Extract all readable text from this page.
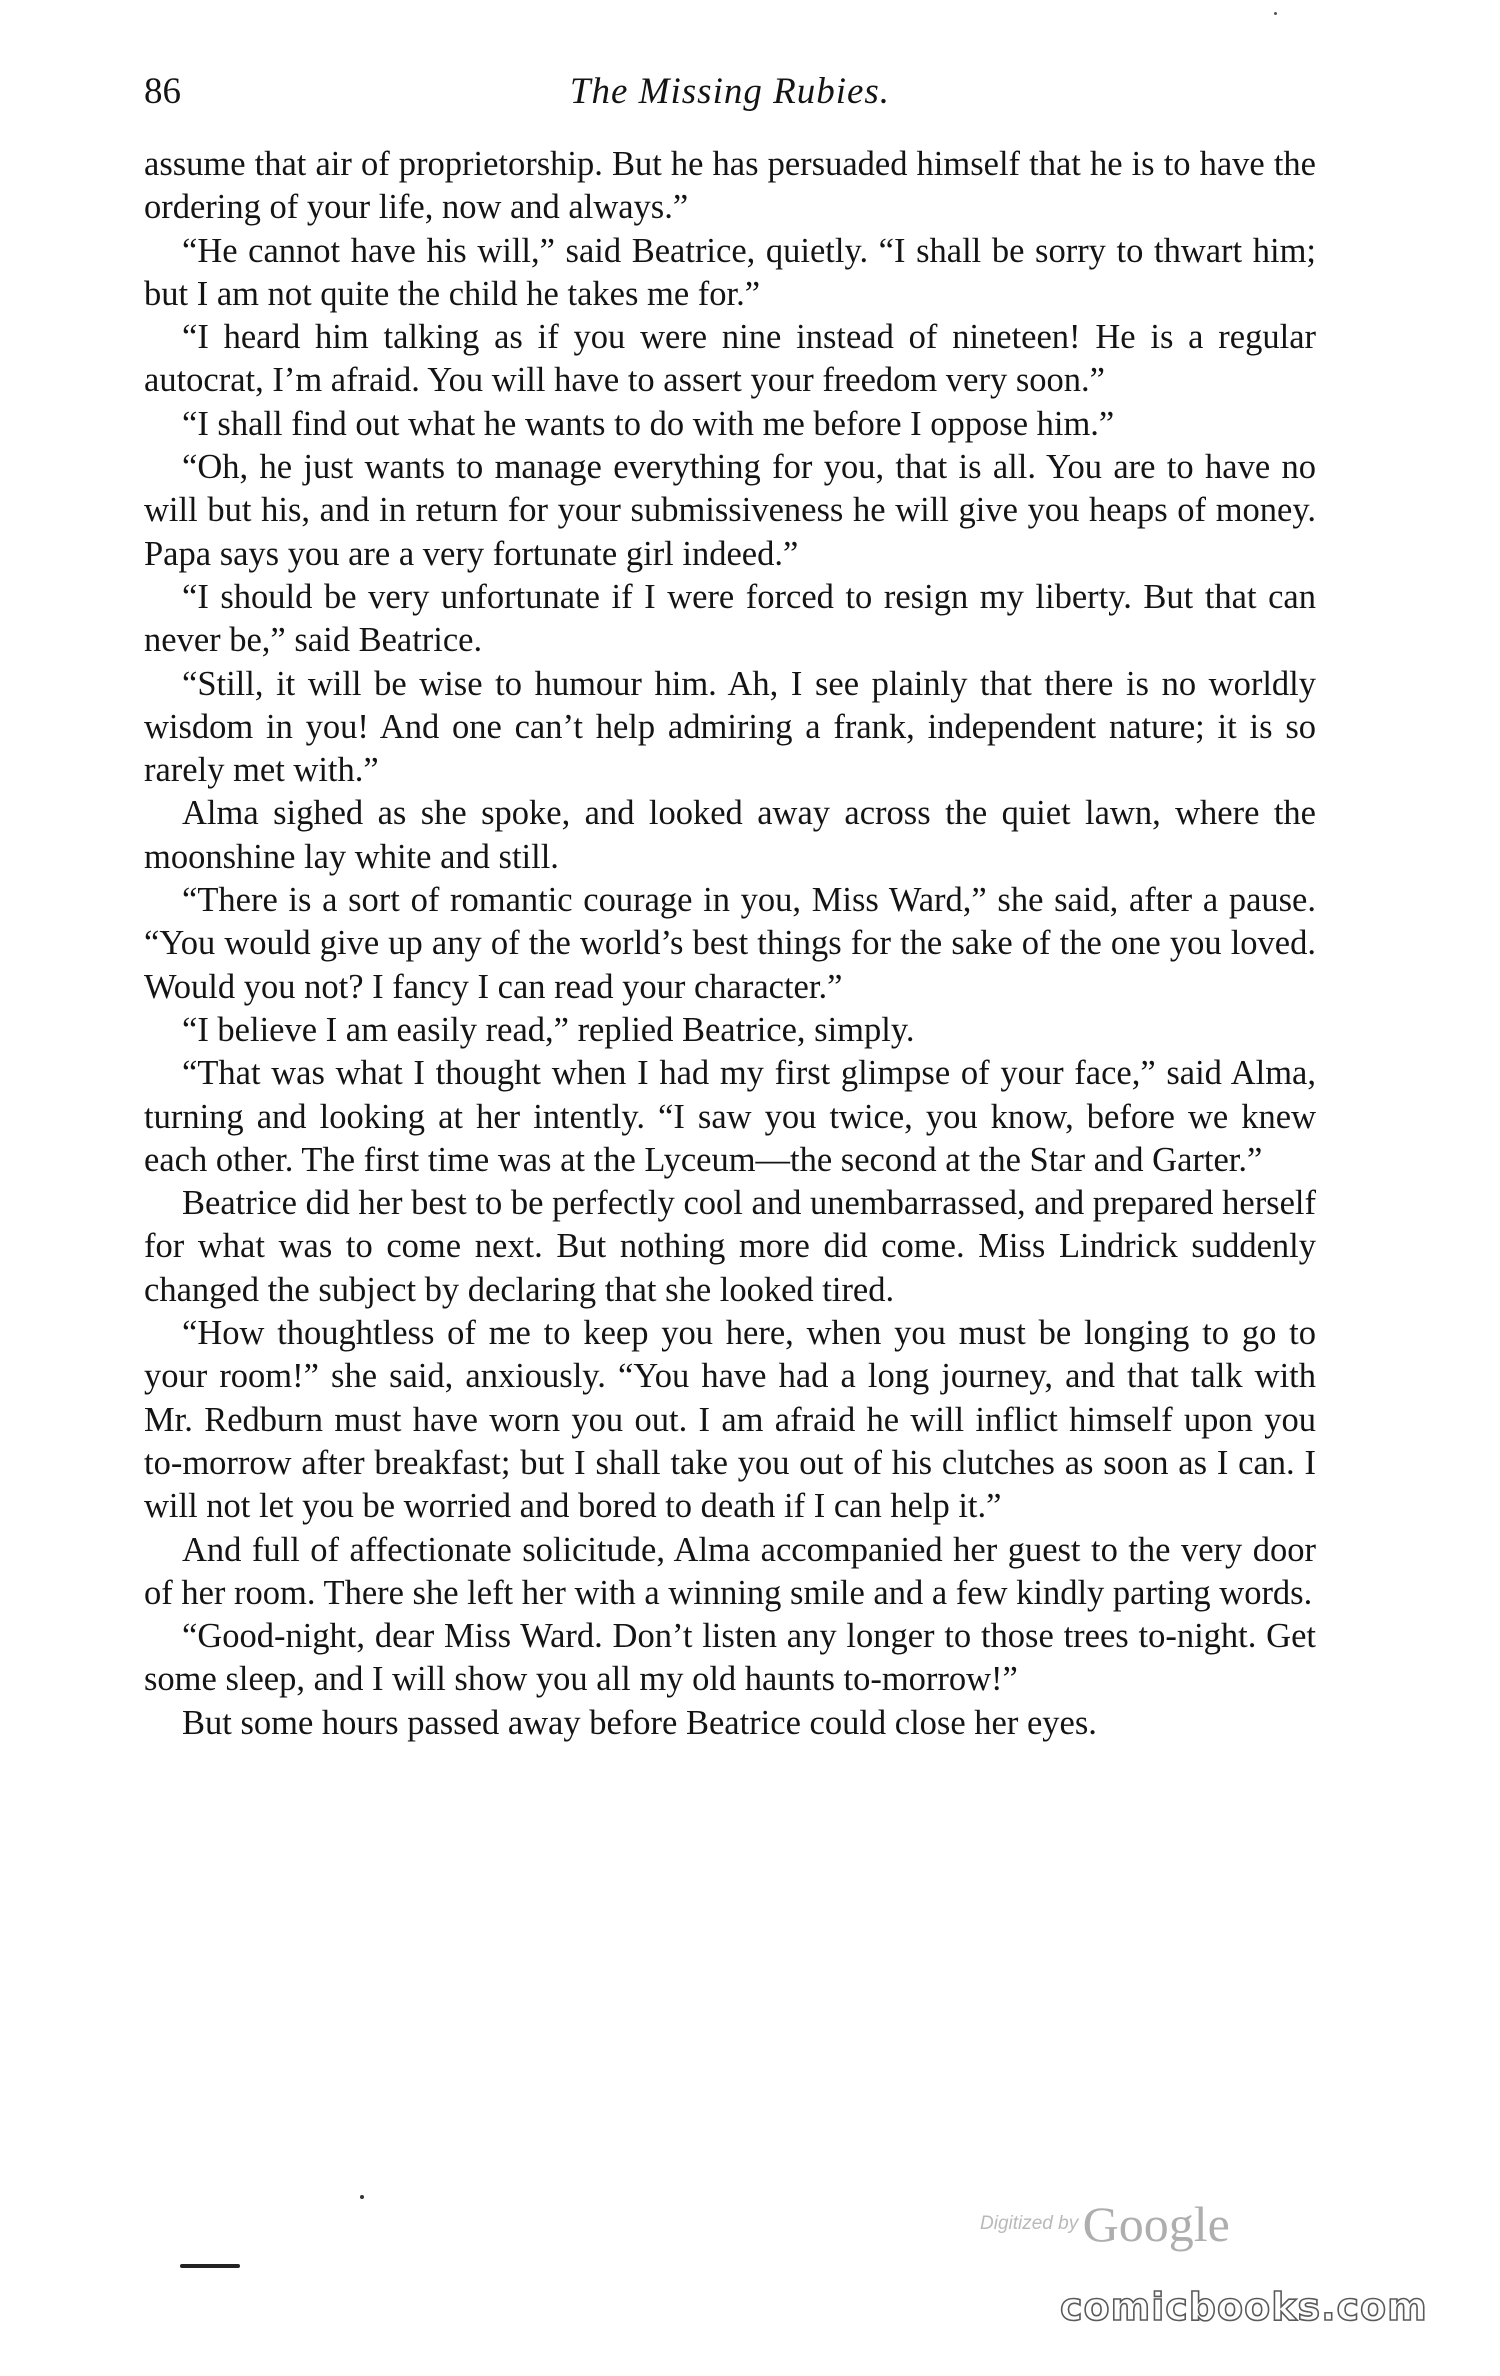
86	The Missing Rubies.

assume that air of proprietorship. But he has persuaded himself that he is to have the ordering of your life, now and always.”

“He cannot have his will,” said Beatrice, quietly. “I shall be sorry to thwart him; but I am not quite the child he takes me for.”

“I heard him talking as if you were nine instead of nineteen! He is a regular autocrat, I’m afraid. You will have to assert your freedom very soon.”

“I shall find out what he wants to do with me before I oppose him.”

“Oh, he just wants to manage everything for you, that is all. You are to have no will but his, and in return for your submissiveness he will give you heaps of money. Papa says you are a very fortunate girl indeed.”

“I should be very unfortunate if I were forced to resign my liberty. But that can never be,” said Beatrice.

“Still, it will be wise to humour him. Ah, I see plainly that there is no worldly wisdom in you! And one can’t help admiring a frank, independent nature; it is so rarely met with.”

Alma sighed as she spoke, and looked away across the quiet lawn, where the moonshine lay white and still.

“There is a sort of romantic courage in you, Miss Ward,” she said, after a pause. “You would give up any of the world’s best things for the sake of the one you loved. Would you not? I fancy I can read your character.”

“I believe I am easily read,” replied Beatrice, simply.

“That was what I thought when I had my first glimpse of your face,” said Alma, turning and looking at her intently. “I saw you twice, you know, before we knew each other. The first time was at the Lyceum—the second at the Star and Garter.”

Beatrice did her best to be perfectly cool and unembarrassed, and prepared herself for what was to come next. But nothing more did come. Miss Lindrick suddenly changed the subject by declaring that she looked tired.

“How thoughtless of me to keep you here, when you must be longing to go to your room!” she said, anxiously. “You have had a long journey, and that talk with Mr. Redburn must have worn you out. I am afraid he will inflict himself upon you to-morrow after breakfast; but I shall take you out of his clutches as soon as I can. I will not let you be worried and bored to death if I can help it.”

And full of affectionate solicitude, Alma accompanied her guest to the very door of her room. There she left her with a winning smile and a few kindly parting words.

“Good-night, dear Miss Ward. Don’t listen any longer to those trees to-night. Get some sleep, and I will show you all my old haunts to-morrow!”

But some hours passed away before Beatrice could close her eyes.

Digitized by Google
comicbooks.com
